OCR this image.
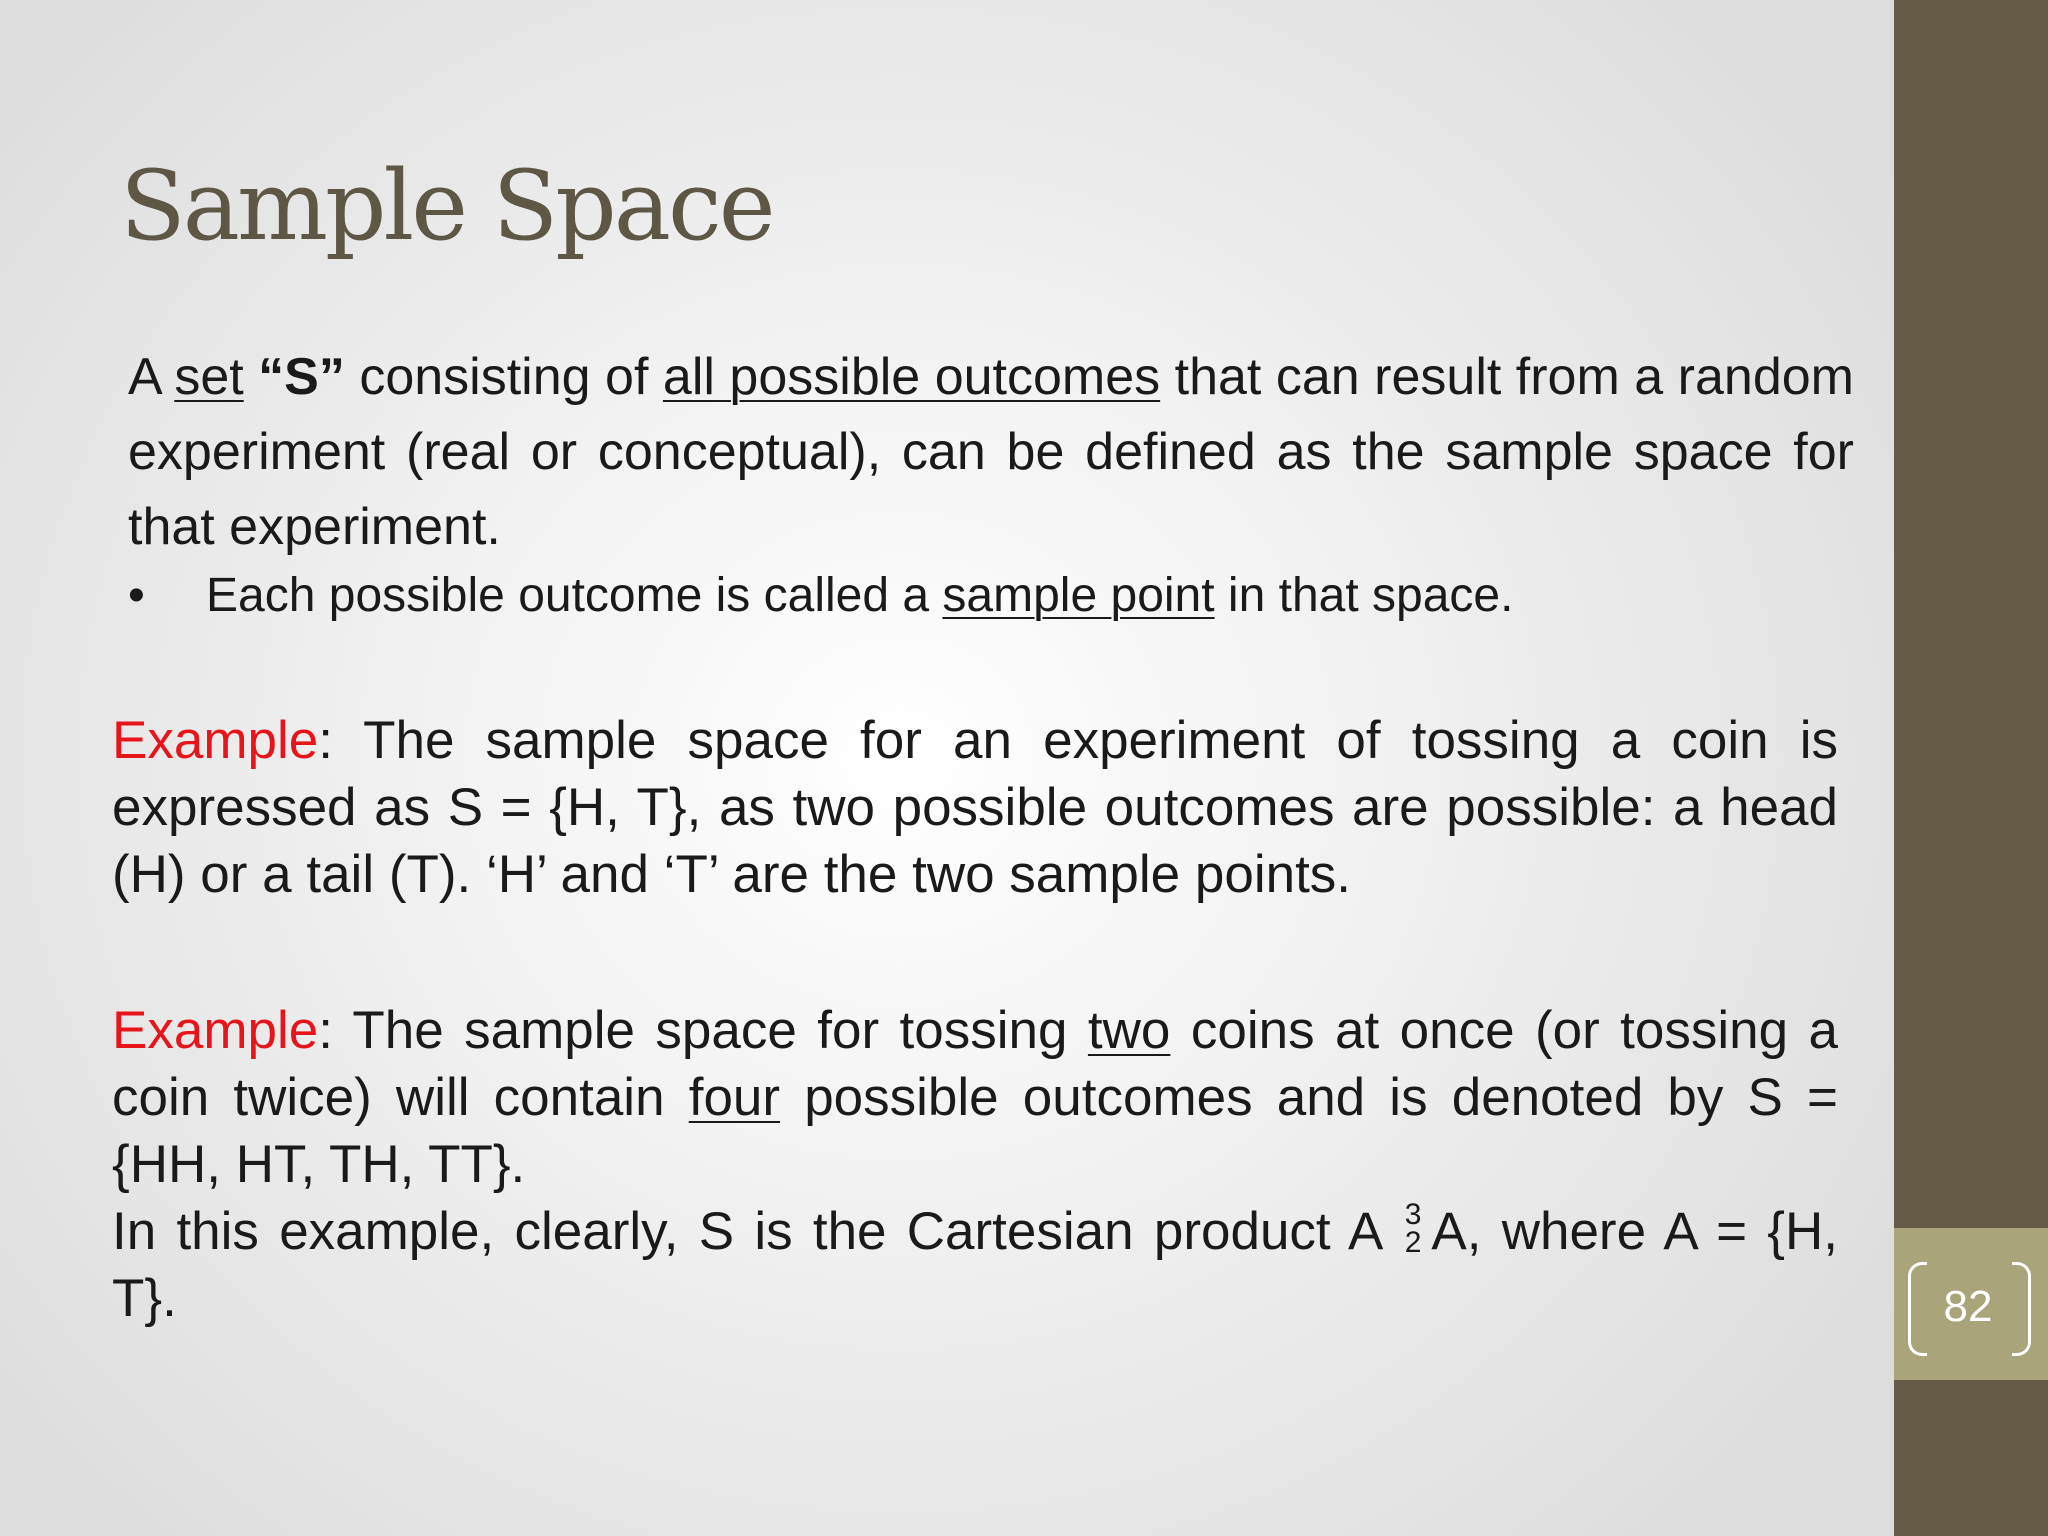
82
Sample Space

A set “S” consisting of all possible outcomes that can result from a random experiment (real or conceptual), can be defined as the sample space for that experiment.

• Each possible outcome is called a sample point in that space.

Example: The sample space for an experiment of tossing a coin is expressed as S = {H, T}, as two possible outcomes are possible: a head (H) or a tail (T). ‘H’ and ‘T’ are the two sample points.

Example: The sample space for tossing two coins at once (or tossing a coin twice) will contain four possible outcomes and is denoted by S = {HH, HT, TH, TT}.

In this example, clearly, S is the Cartesian product A 3
2 A, where A = {H, T}.
